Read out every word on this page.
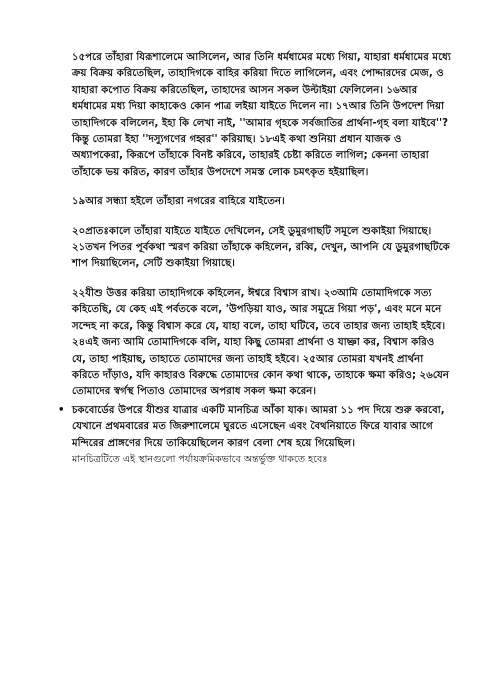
১৫পরে তাঁহারা যিরূশালেমে আসিলেন, আর তিনি ধর্মধামের মধ্যে গিয়া, যাহারা ধর্মধামের মধ্যে ক্রয় বিক্রয় করিতেছিল, তাহাদিগকে বাহির করিয়া দিতে লাগিলেন, এবং পোদ্দারদের মেজ, ও যাহারা কপোত বিক্রয় করিতেছিল, তাহাদের আসন সকল উল্টাইয়া ফেলিলেন। ১৬আর ধর্মধামের মধ্য দিয়া কাহাকেও কোন পাত্র লইয়া যাইতে দিলেন না। ১৭আর তিনি উপদেশ দিয়া তাহাদিগকে বলিলেন, ইহা কি লেখা নাই, ''আমার গৃহকে সর্বজাতির প্রার্থনা-গৃহ বলা যাইবে''? কিন্তু তোমরা ইহা ''দস্যুগণের গহ্বর'' করিয়াছ। ১৮এই কথা শুনিয়া প্রধান যাজক ও অধ্যাপকেরা, কিরূপে তাঁহাকে বিনষ্ট করিবে, তাহারই চেষ্টা করিতে লাগিল; কেননা তাহারা তাঁহাকে ভয় করিত, কারণ তাঁহার উপদেশে সমস্ত লোক চমৎকৃত হইয়াছিল।

১৯আর সন্ধ্যা হইলে তাঁহারা নগরের বাহিরে যাইতেন।

২০প্রাতঃকালে তাঁহারা যাইতে যাইতে দেখিলেন, সেই ডুমুরগাছটি সমূলে শুকাইয়া গিয়াছে। ২১তখন পিতর পূর্বকথা স্মরণ করিয়া তাঁহাকে কহিলেন, রব্বি, দেখুন, আপনি যে ডুমুরগাছটিকে শাপ দিয়াছিলেন, সেটি শুকাইয়া গিয়াছে।

২২যীশু উত্তর করিয়া তাহাদিগকে কহিলেন, ঈশ্বরে বিশ্বাস রাখ। ২৩আমি তোমাদিগকে সত্য কহিতেছি, যে কেহ এই পর্বতকে বলে, 'উপড়িয়া যাও, আর সমুদ্রে গিয়া পড়', এবং মনে মনে সন্দেহ না করে, কিন্তু বিশ্বাস করে যে, যাহা বলে, তাহা ঘটিবে, তবে তাহার জন্য তাহাই হইবে। ২৪এই জন্য আমি তোমাদিগকে বলি, যাহা কিছু তোমরা প্রার্থনা ও যাচ্ঞা কর, বিশ্বাস করিও যে, তাহা পাইয়াছ, তাহাতে তোমাদের জন্য তাহাই হইবে। ২৫আর তোমরা যখনই প্রার্থনা করিতে দাঁড়াও, যদি কাহারও বিরুদ্ধে তোমাদের কোন কথা থাকে, তাহাকে ক্ষমা করিও; ২৬যেন তোমাদের স্বর্গস্থ পিতাও তোমাদের অপরাধ সকল ক্ষমা করেন।

• চকবোর্ডের উপরে যীশুর যাত্রার একটি মানচিত্র আঁকা যাক। আমরা ১১ পদ দিয়ে শুরু করবো, যেখানে প্রথমবারের মত জিরুশালেমে ঘুরতে এসেছেন এবং বৈথনিয়াতে ফিরে যাবার আগে মন্দিরের প্রাঙ্গণের দিয়ে তাকিয়েছিলেন কারণ বেলা শেষ হয়ে গিয়েছিল।

মানচিত্রটিতে এই স্থানগুলো পর্যায়ক্রমিকভাবে অন্তর্ভুক্ত থাকতে হবেঃ
